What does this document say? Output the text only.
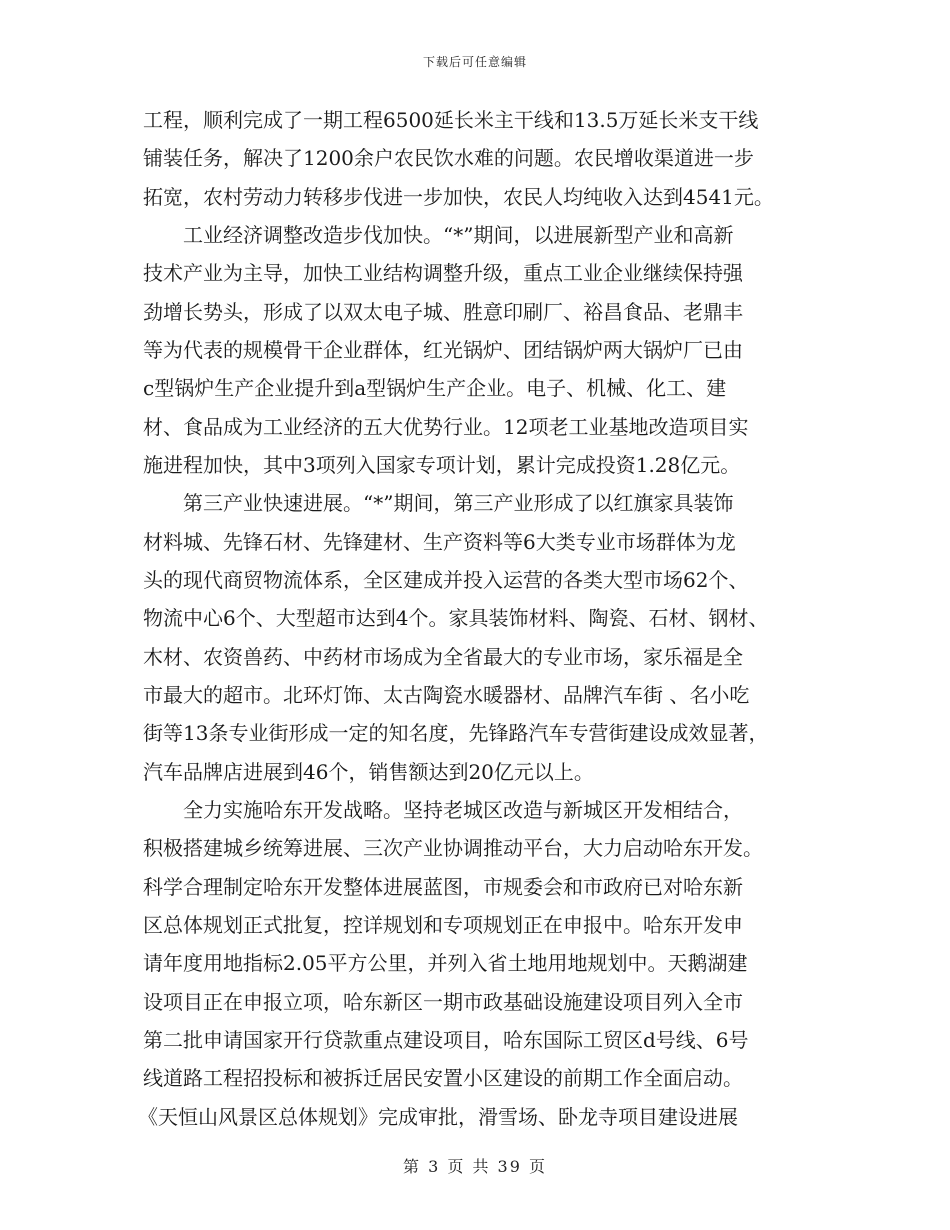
下载后可任意编辑
工程，顺利完成了一期工程6500延长米主干线和13.5万延长米支干线
铺装任务，解决了1200余户农民饮水难的问题。农民增收渠道进一步
拓宽，农村劳动力转移步伐进一步加快，农民人均纯收入达到4541元。
工业经济调整改造步伐加快。“*”期间，以进展新型产业和高新
技术产业为主导，加快工业结构调整升级，重点工业企业继续保持强
劲增长势头，形成了以双太电子城、胜意印刷厂、裕昌食品、老鼎丰
等为代表的规模骨干企业群体，红光锅炉、团结锅炉两大锅炉厂已由
c型锅炉生产企业提升到a型锅炉生产企业。电子、机械、化工、建
材、食品成为工业经济的五大优势行业。12项老工业基地改造项目实
施进程加快，其中3项列入国家专项计划，累计完成投资1.28亿元。
第三产业快速进展。“*”期间，第三产业形成了以红旗家具装饰
材料城、先锋石材、先锋建材、生产资料等6大类专业市场群体为龙
头的现代商贸物流体系，全区建成并投入运营的各类大型市场62个、
物流中心6个、大型超市达到4个。家具装饰材料、陶瓷、石材、钢材、
木材、农资兽药、中药材市场成为全省最大的专业市场，家乐福是全
市最大的超市。北环灯饰、太古陶瓷水暖器材、品牌汽车街 、名小吃
街等13条专业街形成一定的知名度，先锋路汽车专营街建设成效显著，
汽车品牌店进展到46个，销售额达到20亿元以上。
全力实施哈东开发战略。坚持老城区改造与新城区开发相结合，
积极搭建城乡统筹进展、三次产业协调推动平台，大力启动哈东开发。
科学合理制定哈东开发整体进展蓝图，市规委会和市政府已对哈东新
区总体规划正式批复，控详规划和专项规划正在申报中。哈东开发申
请年度用地指标2.05平方公里，并列入省土地用地规划中。天鹅湖建
设项目正在申报立项，哈东新区一期市政基础设施建设项目列入全市
第二批申请国家开行贷款重点建设项目，哈东国际工贸区d号线、6号
线道路工程招投标和被拆迁居民安置小区建设的前期工作全面启动。
《天恒山风景区总体规划》完成审批，滑雪场、卧龙寺项目建设进展
第 3 页 共 39 页
